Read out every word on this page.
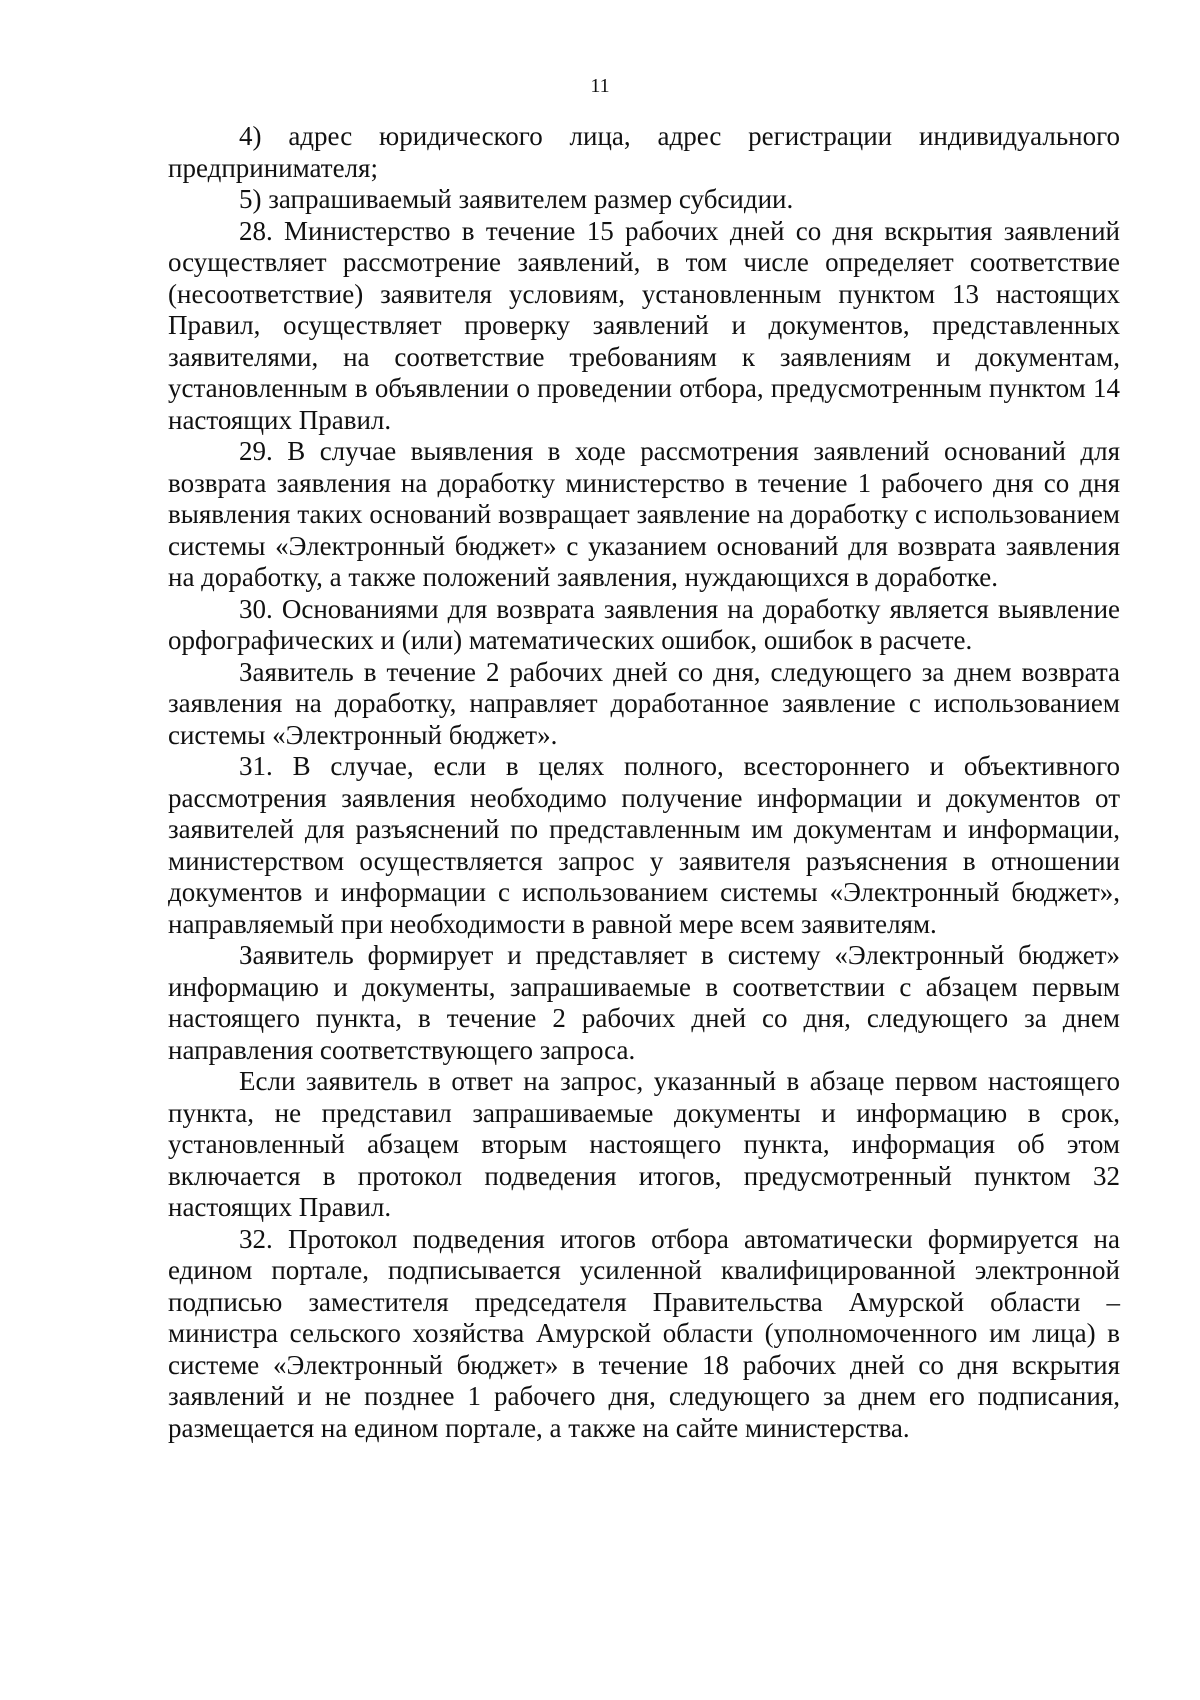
11

4) адрес юридического лица, адрес регистрации индивидуального предпринимателя;

5) запрашиваемый заявителем размер субсидии.

28. Министерство в течение 15 рабочих дней со дня вскрытия заявлений осуществляет рассмотрение заявлений, в том числе определяет соответствие (несоответствие) заявителя условиям, установленным пунктом 13 настоящих Правил, осуществляет проверку заявлений и документов, представленных заявителями, на соответствие требованиям к заявлениям и документам, установленным в объявлении о проведении отбора, предусмотренным пунктом 14 настоящих Правил.

29. В случае выявления в ходе рассмотрения заявлений оснований для возврата заявления на доработку министерство в течение 1 рабочего дня со дня выявления таких оснований возвращает заявление на доработку с использованием системы «Электронный бюджет» с указанием оснований для возврата заявления на доработку, а также положений заявления, нуждающихся в доработке.

30. Основаниями для возврата заявления на доработку является выявление орфографических и (или) математических ошибок, ошибок в расчете.

Заявитель в течение 2 рабочих дней со дня, следующего за днем возврата заявления на доработку, направляет доработанное заявление с использованием системы «Электронный бюджет».

31. В случае, если в целях полного, всестороннего и объективного рассмотрения заявления необходимо получение информации и документов от заявителей для разъяснений по представленным им документам и информации, министерством осуществляется запрос у заявителя разъяснения в отношении документов и информации с использованием системы «Электронный бюджет», направляемый при необходимости в равной мере всем заявителям.

Заявитель формирует и представляет в систему «Электронный бюджет» информацию и документы, запрашиваемые в соответствии с абзацем первым настоящего пункта, в течение 2 рабочих дней со дня, следующего за днем направления соответствующего запроса.

Если заявитель в ответ на запрос, указанный в абзаце первом настоящего пункта, не представил запрашиваемые документы и информацию в срок, установленный абзацем вторым настоящего пункта, информация об этом включается в протокол подведения итогов, предусмотренный пунктом 32 настоящих Правил.

32. Протокол подведения итогов отбора автоматически формируется на едином портале, подписывается усиленной квалифицированной электронной подписью заместителя председателя Правительства Амурской области – министра сельского хозяйства Амурской области (уполномоченного им лица) в системе «Электронный бюджет» в течение 18 рабочих дней со дня вскрытия заявлений и не позднее 1 рабочего дня, следующего за днем его подписания, размещается на едином портале, а также на сайте министерства.
